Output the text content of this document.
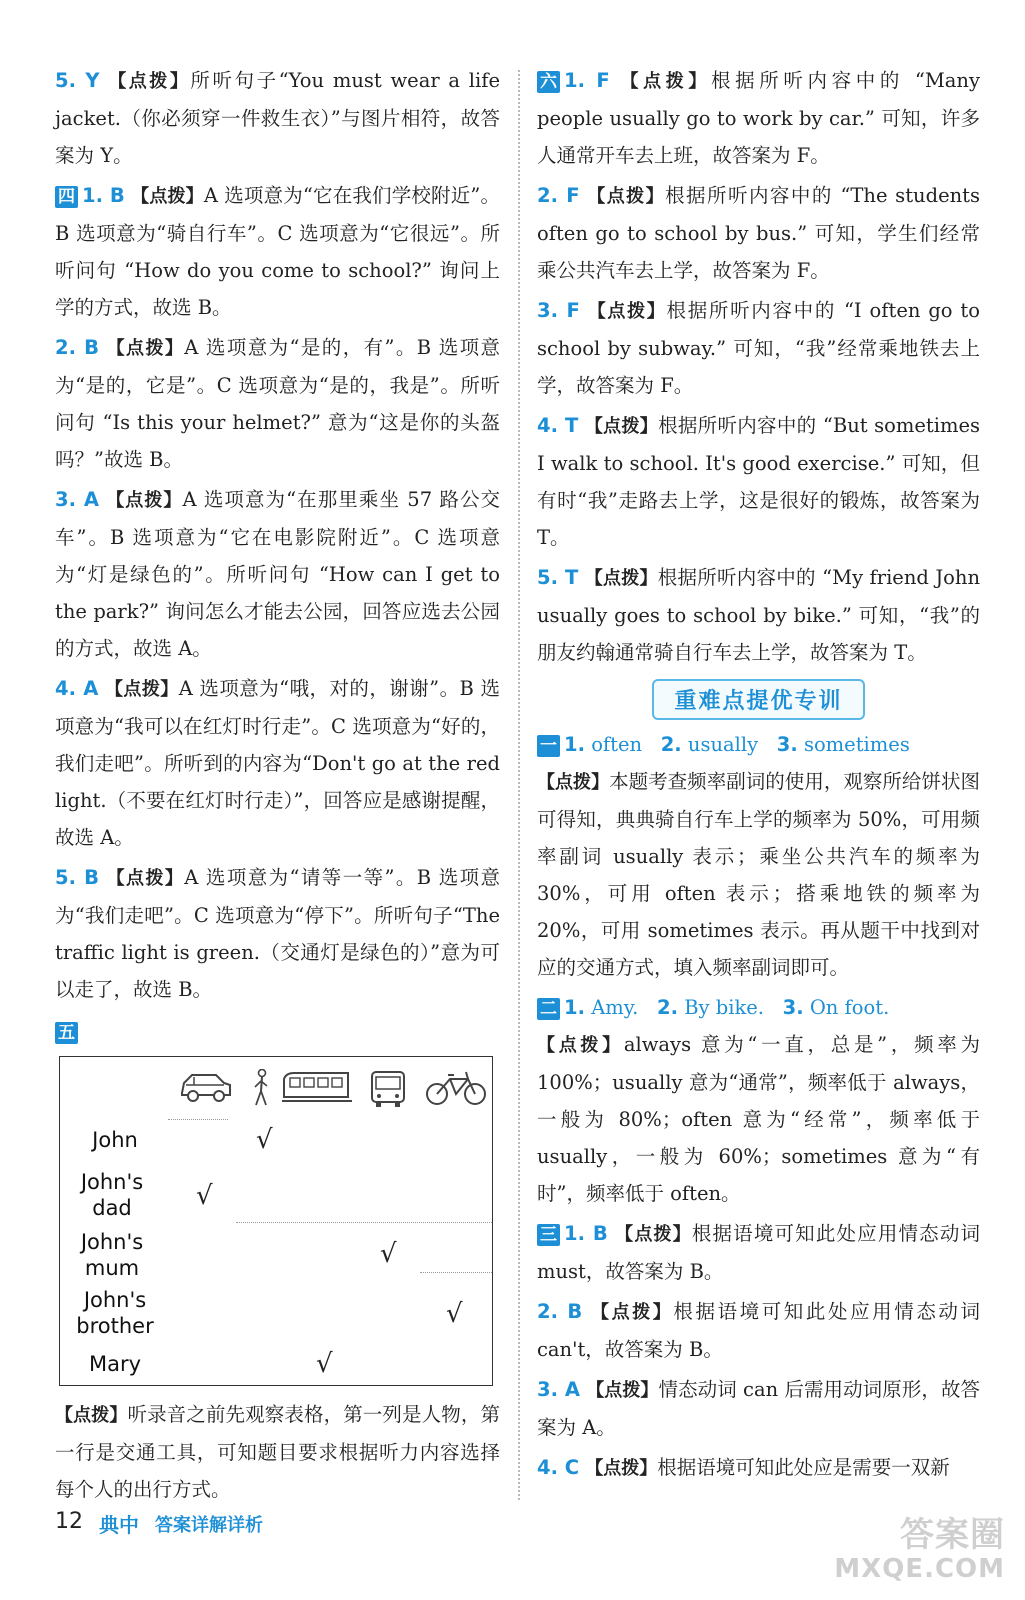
5. Y 【点拨】所听句子“You must wear a life jacket.（你必须穿一件救生衣）”与图片相符，故答案为 Y。

四 1. B 【点拨】A 选项意为“它在我们学校附近”。B 选项意为“骑自行车”。C 选项意为“它很远”。所听问句 “How do you come to school?” 询问上学的方式，故选 B。

2. B 【点拨】A 选项意为“是的，有”。B 选项意为“是的，它是”。C 选项意为“是的，我是”。所听问句 “Is this your helmet?” 意为“这是你的头盔吗？”故选 B。

3. A 【点拨】A 选项意为“在那里乘坐 57 路公交车”。B 选项意为“它在电影院附近”。C 选项意为“灯是绿色的”。所听问句 “How can I get to the park?” 询问怎么才能去公园，回答应选去公园的方式，故选 A。

4. A 【点拨】A 选项意为“哦，对的，谢谢”。B 选项意为“我可以在红灯时行走”。C 选项意为“好的，我们走吧”。所听到的内容为“Don't go at the red light.（不要在红灯时行走）”，回答应是感谢提醒，故选 A。

5. B 【点拨】A 选项意为“请等一等”。B 选项意为“我们走吧”。C 选项意为“停下”。所听句子“The traffic light is green.（交通灯是绿色的）”意为可以走了，故选 B。

五
John
John's dad
John's mum
John's brother
Mary
√
√
√
√
√

【点拨】听录音之前先观察表格，第一列是人物，第一行是交通工具，可知题目要求根据听力内容选择每个人的出行方式。

六 1. F 【点拨】根据所听内容中的 “Many people usually go to work by car.” 可知，许多人通常开车去上班，故答案为 F。

2. F 【点拨】根据所听内容中的 “The students often go to school by bus.” 可知，学生们经常乘公共汽车去上学，故答案为 F。

3. F 【点拨】根据所听内容中的 “I often go to school by subway.” 可知，“我”经常乘地铁去上学，故答案为 F。

4. T 【点拨】根据所听内容中的 “But sometimes I walk to school. It's good exercise.” 可知，但有时“我”走路去上学，这是很好的锻炼，故答案为 T。

5. T 【点拨】根据所听内容中的 “My friend John usually goes to school by bike.” 可知，“我”的朋友约翰通常骑自行车去上学，故答案为 T。

重难点提优专训

一 1. often 2. usually 3. sometimes
【点拨】本题考查频率副词的使用，观察所给饼状图可得知，典典骑自行车上学的频率为 50%，可用频率副词 usually 表示；乘坐公共汽车的频率为 30%，可用 often 表示；搭乘地铁的频率为 20%，可用 sometimes 表示。再从题干中找到对应的交通方式，填入频率副词即可。

二 1. Amy. 2. By bike. 3. On foot.
【点拨】always 意为“一直，总是”，频率为 100%；usually 意为“通常”，频率低于 always，一般为 80%；often 意为“经常”，频率低于 usually，一般为 60%；sometimes 意为“有时”，频率低于 often。

三 1. B 【点拨】根据语境可知此处应用情态动词 must，故答案为 B。

2. B 【点拨】根据语境可知此处应用情态动词 can't，故答案为 B。

3. A 【点拨】情态动词 can 后需用动词原形，故答案为 A。

4. C 【点拨】根据语境可知此处应是需要一双新

12 典中 答案详解详析	答案圈
MXQE.COM
